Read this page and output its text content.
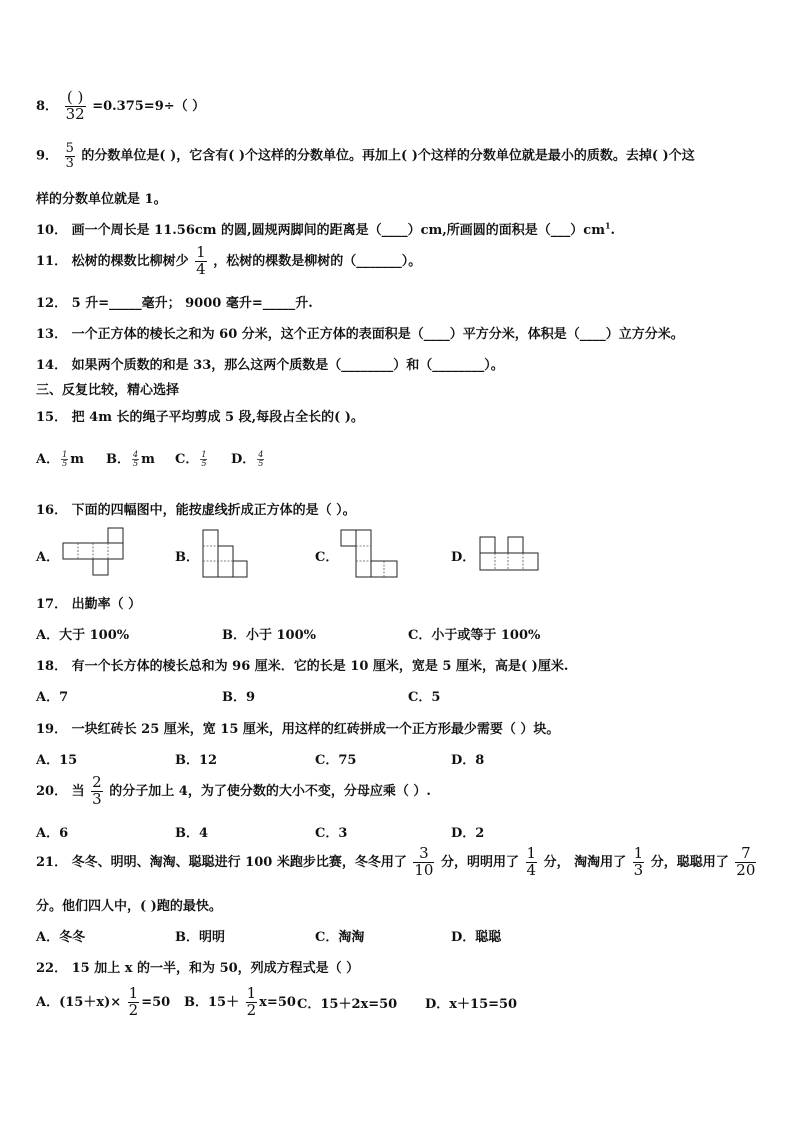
8．
( )
32 =0.375=9÷（ ）
9． $\frac{5}{3}$ 的分数单位是( )，它含有( )个这样的分数单位。再加上( )个这样的分数单位就是最小的质数。去掉( )个这
样的分数单位就是 1。
10． 画一个周长是 11.56cm 的圆,圆规两脚间的距离是（____）cm,所画圆的面积是$(\_\_\_)cm^1$.
11． 松树的棵数比柳树少 $\frac{1}{4}$ ，松树的棵数是柳树的（_______）。
12． 5 升=_____毫升； 9000 毫升=_____升.
13． 一个正方体的棱长之和为 60 分米，这个正方体的表面积是（____）平方分米，体积是（____）立方分米。
14． 如果两个质数的和是 33，那么这两个质数是（________）和（________）。
三、反复比较，精心选择
15． 把 4m 长的绳子平均剪成 5 段,每段占全长的( )。
A． $\frac{1}{5}$ m B． $\frac{4}{5}$ m C． $\frac{1}{5}$ D． $\frac{4}{5}$
16． 下面的四幅图中，能按虚线折成正方体的是（ ）。
A．	B．	C．	D．
17． 出勤率（ ）
A．大于 100%	B．小于 100%	C．小于或等于 100%
18． 有一个长方体的棱长总和为 96 厘米．它的长是 10 厘米，宽是 5 厘米，高是( )厘米.
A．7	B．9	C．5
19． 一块红砖长 25 厘米，宽 15 厘米，用这样的红砖拼成一个正方形最少需要（ ）块。
A．15	B．12	C．75	D．8
20． 当 $\frac{2}{3}$ 的分子加上 4，为了使分数的大小不变，分母应乘（ ）.
A．6	B．4	C．3	D．2
21． 冬冬、明明、淘淘、聪聪进行 100 米跑步比赛，冬冬用了 $\frac{3}{10}$ 分，明明用了 $\frac{1}{4}$ 分， 淘淘用了 $\frac{1}{3}$ 分，聪聪用了 $\frac{7}{20}$
分。他们四人中，( )跑的最快。
A．冬冬	B．明明	C．淘淘	D．聪聪
22． 15 加上 x 的一半，和为 50，列成方程式是（ ）
A．$(15+x)\times \frac{1}{2} =50$ B．$15+ \frac{1}{2} x=50$ C．15＋2x=50 D．x＋15=50
